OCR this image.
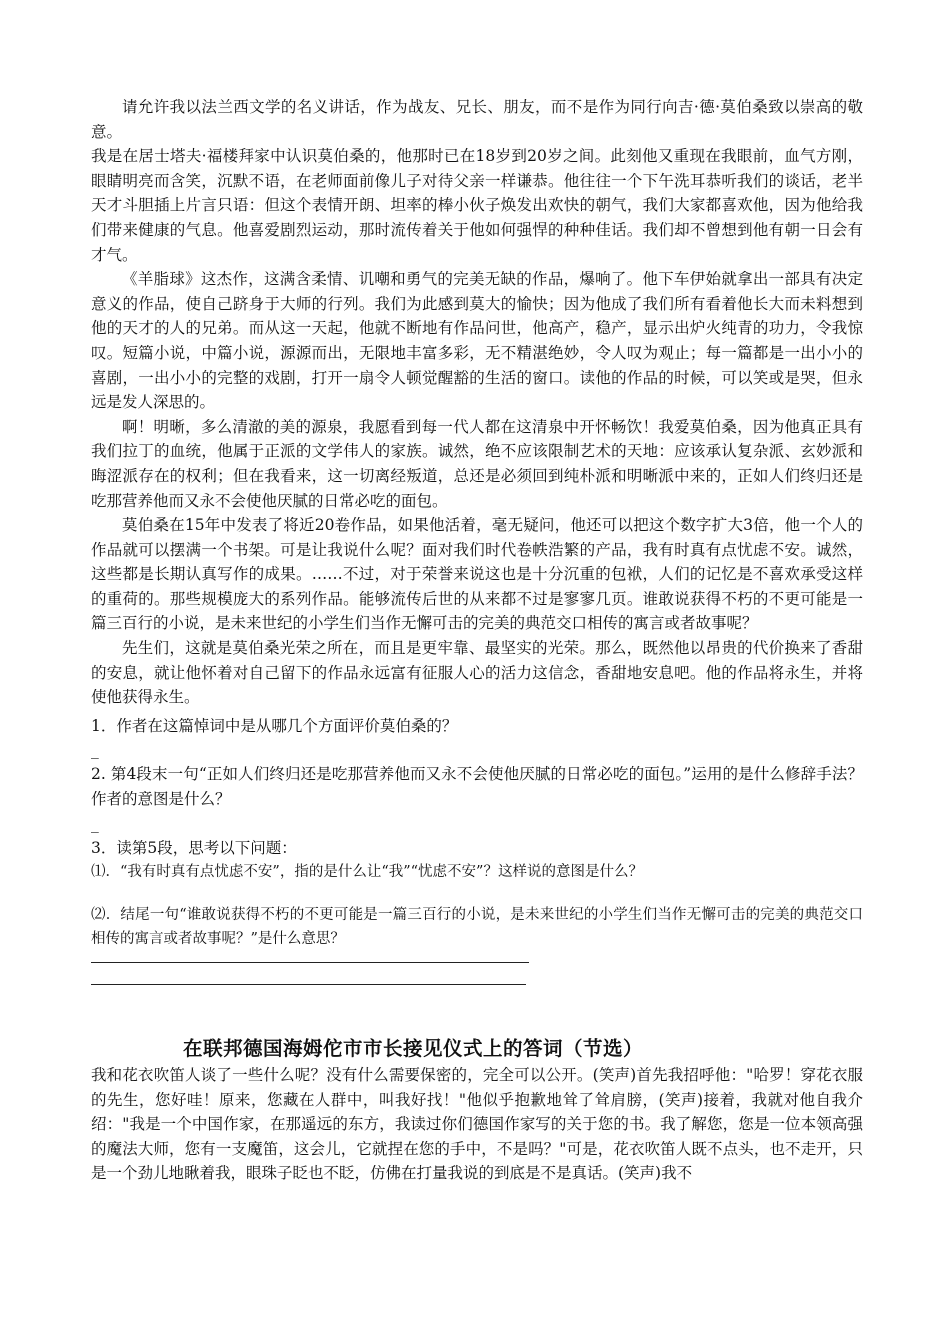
请允许我以法兰西文学的名义讲话，作为战友、兄长、朋友，而不是作为同行向吉·德·莫伯桑致以崇高的敬意。

我是在居士塔夫·福楼拜家中认识莫伯桑的，他那时已在18岁到20岁之间。此刻他又重现在我眼前，血气方刚，眼睛明亮而含笑，沉默不语，在老师面前像儿子对待父亲一样谦恭。他往往一个下午洗耳恭听我们的谈话，老半天才斗胆插上片言只语：但这个表情开朗、坦率的棒小伙子焕发出欢快的朝气，我们大家都喜欢他，因为他给我们带来健康的气息。他喜爱剧烈运动，那时流传着关于他如何强悍的种种佳话。我们却不曾想到他有朝一日会有才气。

《羊脂球》这杰作，这满含柔情、讥嘲和勇气的完美无缺的作品，爆响了。他下车伊始就拿出一部具有决定意义的作品，使自己跻身于大师的行列。我们为此感到莫大的愉快；因为他成了我们所有看着他长大而未料想到他的天才的人的兄弟。而从这一天起，他就不断地有作品问世，他高产，稳产，显示出炉火纯青的功力，令我惊叹。短篇小说，中篇小说，源源而出，无限地丰富多彩，无不精湛绝妙，令人叹为观止；每一篇都是一出小小的喜剧，一出小小的完整的戏剧，打开一扇令人顿觉醒豁的生活的窗口。读他的作品的时候，可以笑或是哭，但永远是发人深思的。

啊！明晰，多么清澈的美的源泉，我愿看到每一代人都在这清泉中开怀畅饮！我爱莫伯桑，因为他真正具有我们拉丁的血统，他属于正派的文学伟人的家族。诚然，绝不应该限制艺术的天地：应该承认复杂派、玄妙派和晦涩派存在的权利；但在我看来，这一切离经叛道，总还是必须回到纯朴派和明晰派中来的，正如人们终归还是吃那营养他而又永不会使他厌腻的日常必吃的面包。

莫伯桑在15年中发表了将近20卷作品，如果他活着，毫无疑问，他还可以把这个数字扩大3倍，他一个人的作品就可以摆满一个书架。可是让我说什么呢？面对我们时代卷帙浩繁的产品，我有时真有点忧虑不安。诚然，这些都是长期认真写作的成果。……不过，对于荣誉来说这也是十分沉重的包袱，人们的记忆是不喜欢承受这样的重荷的。那些规模庞大的系列作品。能够流传后世的从来都不过是寥寥几页。谁敢说获得不朽的不更可能是一篇三百行的小说，是未来世纪的小学生们当作无懈可击的完美的典范交口相传的寓言或者故事呢？

先生们，这就是莫伯桑光荣之所在，而且是更牢靠、最坚实的光荣。那么，既然他以昂贵的代价换来了香甜的安息，就让他怀着对自己留下的作品永远富有征服人心的活力这信念，香甜地安息吧。他的作品将永生，并将使他获得永生。

1．作者在这篇悼词中是从哪几个方面评价莫伯桑的？

_

2. 第4段末一句“正如人们终归还是吃那营养他而又永不会使他厌腻的日常必吃的面包。”运用的是什么修辞手法？作者的意图是什么？

_

3．读第5段，思考以下问题：

⑴．“我有时真有点忧虑不安”，指的是什么让“我”“忧虑不安”？这样说的意图是什么？

⑵．结尾一句“谁敢说获得不朽的不更可能是一篇三百行的小说，是未来世纪的小学生们当作无懈可击的完美的典范交口相传的寓言或者故事呢？”是什么意思？

在联邦德国海姆佗市市长接见仪式上的答词（节选）

我和花衣吹笛人谈了一些什么呢？没有什么需要保密的，完全可以公开。(笑声)首先我招呼他："哈罗！穿花衣服的先生，您好哇！原来，您藏在人群中，叫我好找！"他似乎抱歉地耸了耸肩膀，(笑声)接着，我就对他自我介绍："我是一个中国作家，在那遥远的东方，我读过你们德国作家写的关于您的书。我了解您，您是一位本领高强的魔法大师，您有一支魔笛，这会儿，它就捏在您的手中，不是吗？"可是，花衣吹笛人既不点头，也不走开，只是一个劲儿地瞅着我，眼珠子眨也不眨，仿佛在打量我说的到底是不是真话。(笑声)我不
